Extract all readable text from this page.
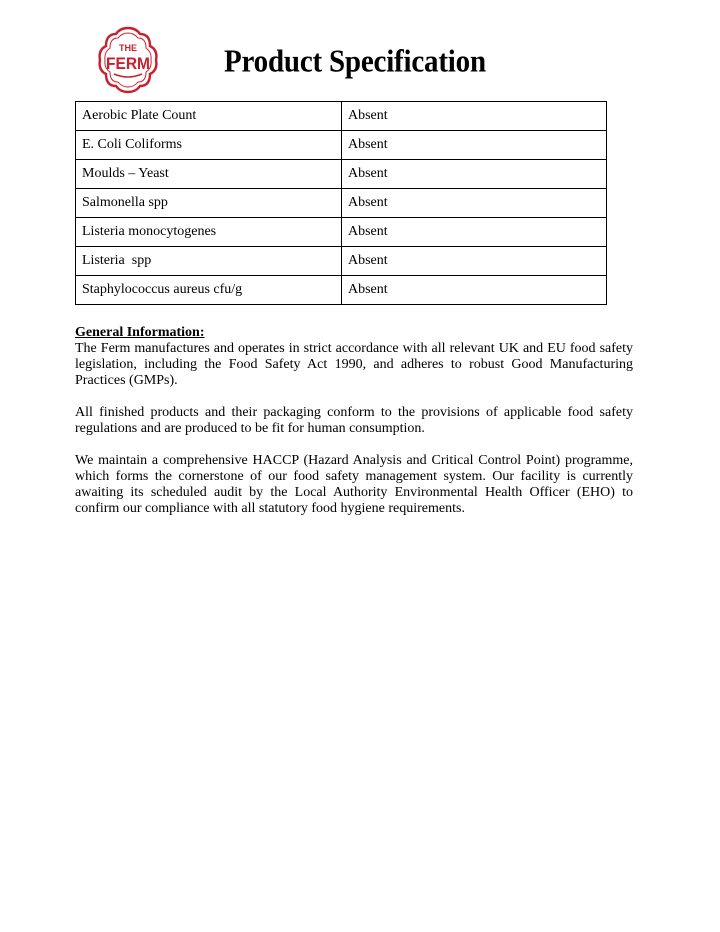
THE
FERM	Product Specification
Aerobic Plate Count	Absent
E. Coli Coliforms	Absent
Moulds – Yeast	Absent
Salmonella spp	Absent
Listeria monocytogenes	Absent
Listeria  spp	Absent
Staphylococcus aureus cfu/g	Absent
General Information:

The Ferm manufactures and operates in strict accordance with all relevant UK and EU food safety legislation, including the Food Safety Act 1990, and adheres to robust Good Manufacturing Practices (GMPs).

All finished products and their packaging conform to the provisions of applicable food safety regulations and are produced to be fit for human consumption.

We maintain a comprehensive HACCP (Hazard Analysis and Critical Control Point) programme, which forms the cornerstone of our food safety management system. Our facility is currently awaiting its scheduled audit by the Local Authority Environmental Health Officer (EHO) to confirm our compliance with all statutory food hygiene requirements.
